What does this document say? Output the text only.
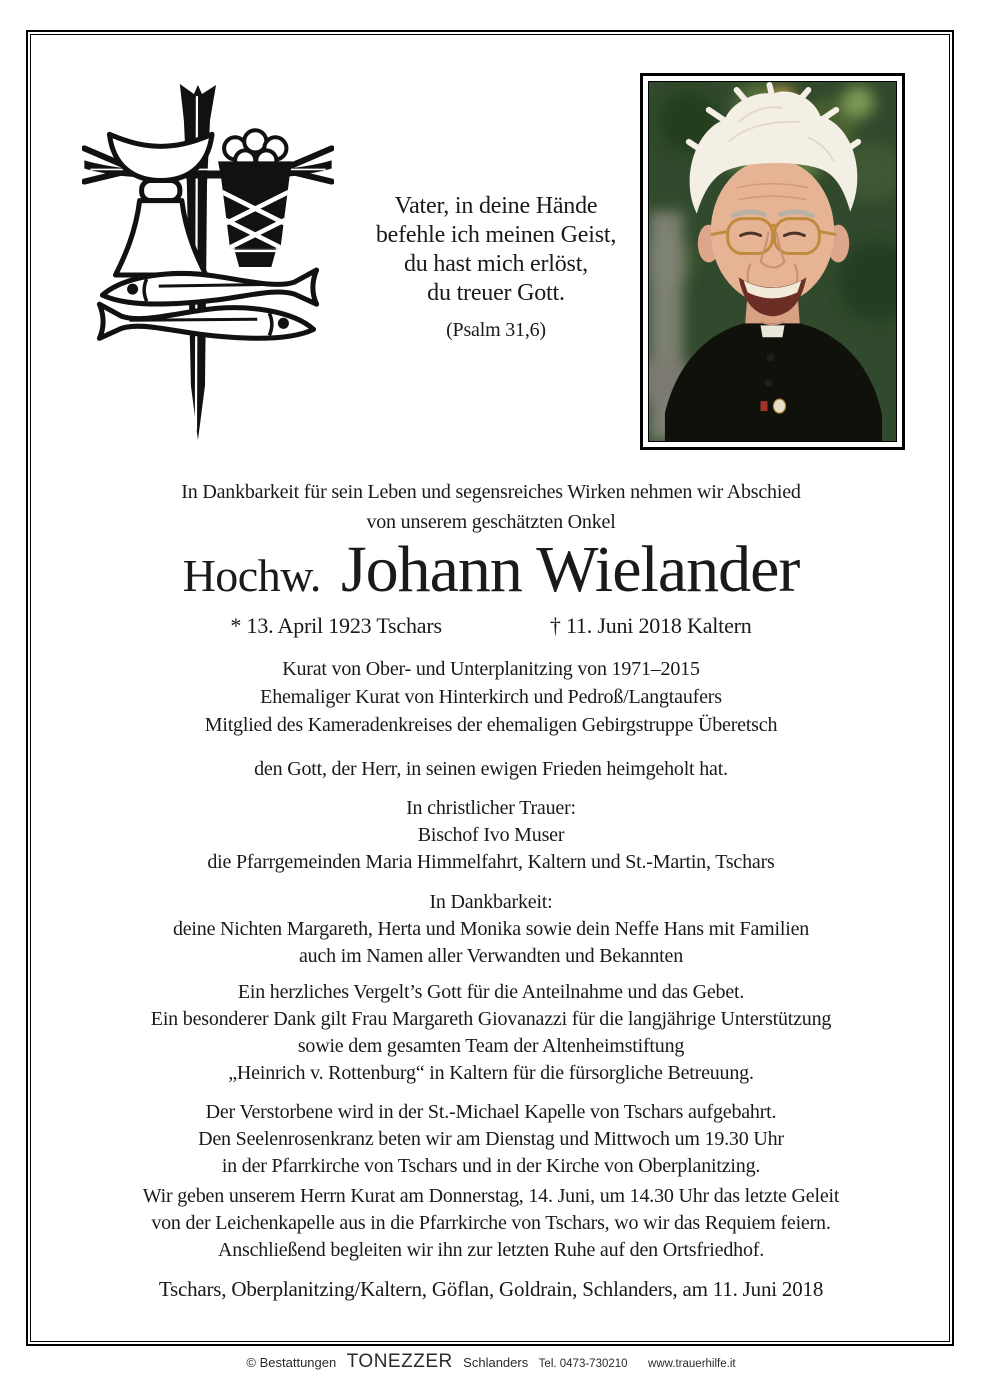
Vater, in deine Hände
befehle ich meinen Geist,
du hast mich erlöst,
du treuer Gott.
(Psalm 31,6)
In Dankbarkeit für sein Leben und segensreiches Wirken nehmen wir Abschied
von unserem geschätzten Onkel
Hochw. Johann Wielander
* 13. April 1923 Tschars	† 11. Juni 2018 Kaltern
Kurat von Ober- und Unterplanitzing von 1971–2015
Ehemaliger Kurat von Hinterkirch und Pedroß/Langtaufers
Mitglied des Kameradenkreises der ehemaligen Gebirgstruppe Überetsch
den Gott, der Herr, in seinen ewigen Frieden heimgeholt hat.
In christlicher Trauer:
Bischof Ivo Muser
die Pfarrgemeinden Maria Himmelfahrt, Kaltern und St.-Martin, Tschars
In Dankbarkeit:
deine Nichten Margareth, Herta und Monika sowie dein Neffe Hans mit Familien
auch im Namen aller Verwandten und Bekannten
Ein herzliches Vergelt’s Gott für die Anteilnahme und das Gebet.
Ein besonderer Dank gilt Frau Margareth Giovanazzi für die langjährige Unterstützung
sowie dem gesamten Team der Altenheimstiftung
„Heinrich v. Rottenburg“ in Kaltern für die fürsorgliche Betreuung.
Der Verstorbene wird in der St.-Michael Kapelle von Tschars aufgebahrt.
Den Seelenrosenkranz beten wir am Dienstag und Mittwoch um 19.30 Uhr
in der Pfarrkirche von Tschars und in der Kirche von Oberplanitzing.
Wir geben unserem Herrn Kurat am Donnerstag, 14. Juni, um 14.30 Uhr das letzte Geleit
von der Leichenkapelle aus in die Pfarrkirche von Tschars, wo wir das Requiem feiern.
Anschließend begleiten wir ihn zur letzten Ruhe auf den Ortsfriedhof.
Tschars, Oberplanitzing/Kaltern, Göflan, Goldrain, Schlanders, am 11. Juni 2018
© Bestattungen TONEZZER Schlanders Tel. 0473-730210 www.trauerhilfe.it
